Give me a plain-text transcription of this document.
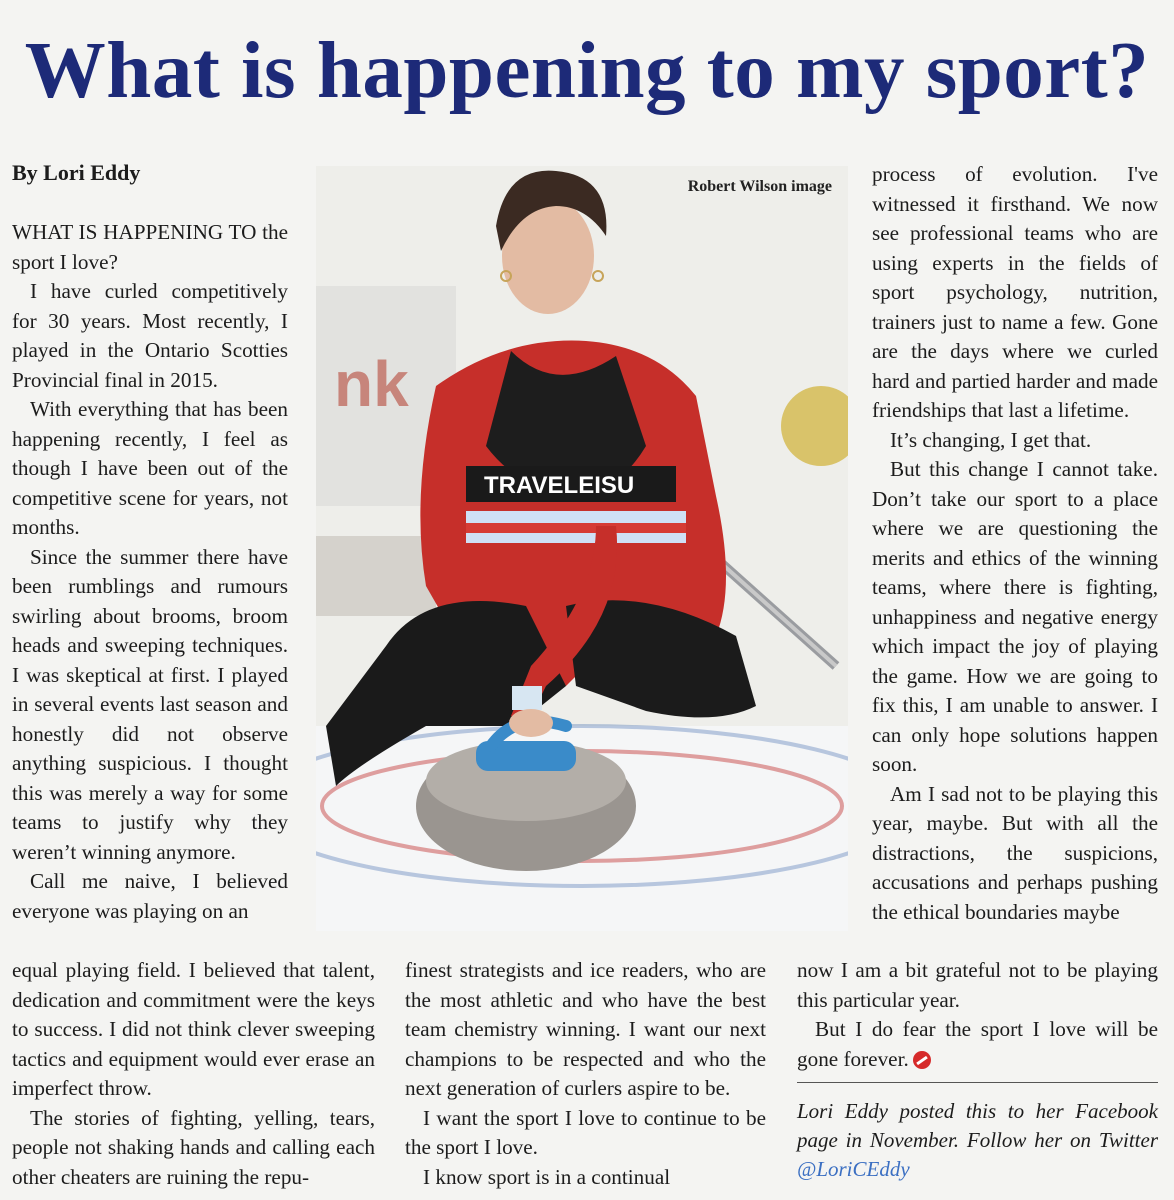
What is happening to my sport?
By Lori Eddy

WHAT IS HAPPENING TO the sport I love?

I have curled competitively for 30 years. Most recently, I played in the Ontario Scotties Provincial final in 2015.

With everything that has been happening recently, I feel as though I have been out of the competitive scene for years, not months.

Since the summer there have been rumblings and rumours swirling about brooms, broom heads and sweeping techniques. I was skeptical at first. I played in several events last season and honestly did not observe anything suspicious. I thought this was merely a way for some teams to justify why they weren’t winning anymore.

Call me naive, I believed everyone was playing on an

equal playing field. I believed that talent, dedication and commitment were the keys to success. I did not think clever sweeping tactics and equipment would ever erase an imperfect throw.

The stories of fighting, yelling, tears, people not shaking hands and calling each other cheaters are ruining the repu-

finest strategists and ice readers, who are the most athletic and who have the best team chemistry winning. I want our next champions to be respected and who the next generation of curlers aspire to be.

I want the sport I love to continue to be the sport I love.

I know sport is in a continual

process of evolution. I've witnessed it firsthand. We now see professional teams who are using experts in the fields of sport psychology, nutrition, trainers just to name a few. Gone are the days where we curled hard and partied harder and made friendships that last a lifetime.

It’s changing, I get that.

But this change I cannot take. Don’t take our sport to a place where we are questioning the merits and ethics of the winning teams, where there is fighting, unhappiness and negative energy which impact the joy of playing the game. How we are going to fix this, I am unable to answer. I can only hope solutions happen soon.

Am I sad not to be playing this year, maybe. But with all the distractions, the suspicions, accusations and perhaps pushing the ethical boundaries maybe

now I am a bit grateful not to be playing this particular year.

But I do fear the sport I love will be gone forever.

Lori Eddy posted this to her Facebook page in November. Follow her on Twitter @LoriCEddy
nk
TRAVELEISU
Robert Wilson image
